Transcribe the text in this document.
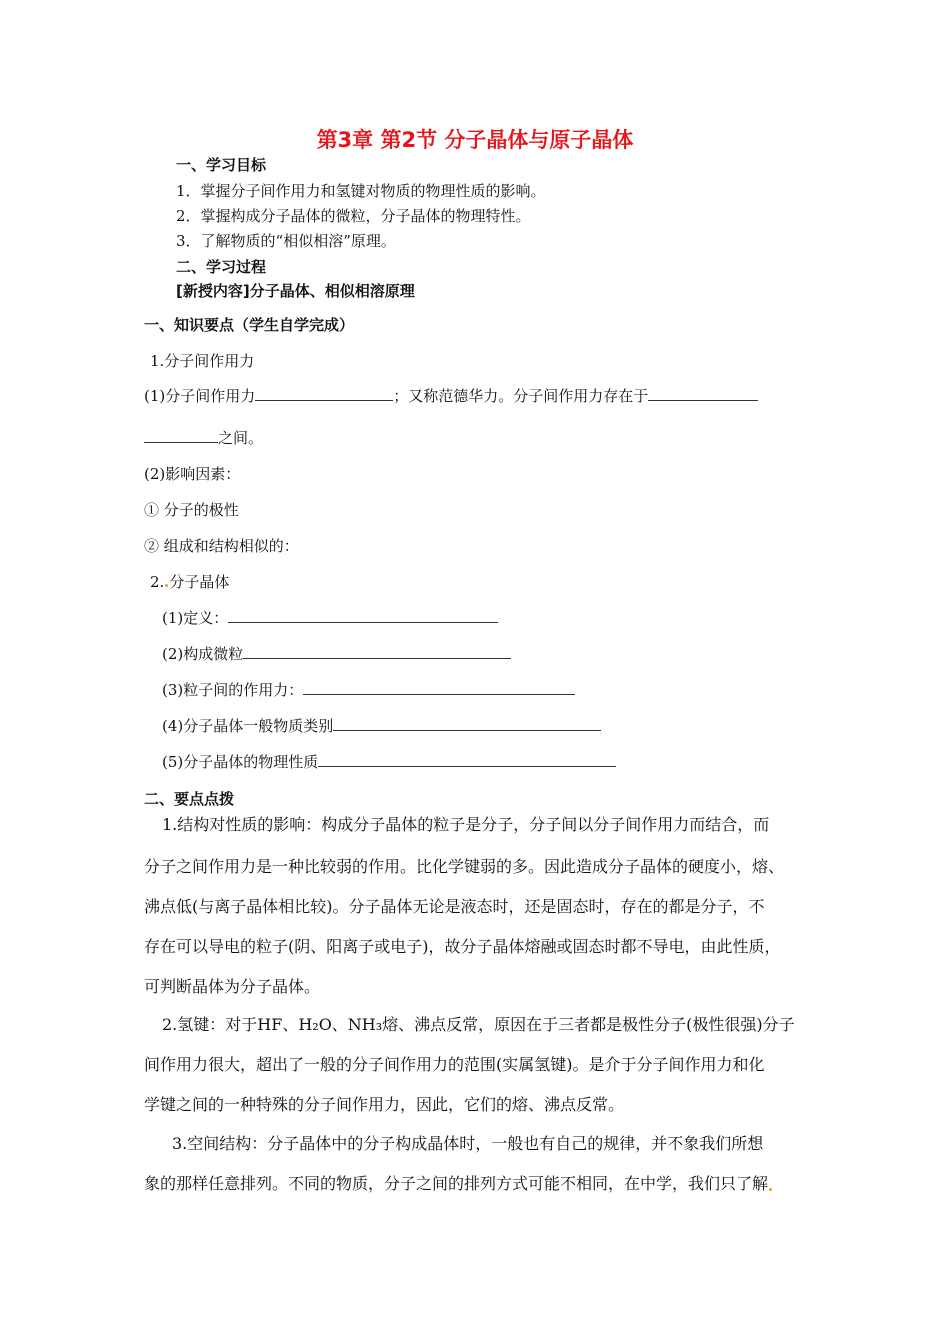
第3章 第2节 分子晶体与原子晶体
一、学习目标
1．掌握分子间作用力和氢键对物质的物理性质的影响。
2．掌握构成分子晶体的微粒，分子晶体的物理特性。
3．了解物质的“相似相溶”原理。
二、学习过程
[新授内容]分子晶体、相似相溶原理
一、知识要点（学生自学完成）
1.分子间作用力
(1)分子间作用力	；又称范德华力。分子间作用力存在于
之间。
(2)影响因素：
① 分子的极性
② 组成和结构相似的：
2. 分子晶体
(1)定义：
(2)构成微粒
(3)粒子间的作用力：
(4)分子晶体一般物质类别
(5)分子晶体的物理性质
二、要点点拨
1.结构对性质的影响：构成分子晶体的粒子是分子，分子间以分子间作用力而结合，而
分子之间作用力是一种比较弱的作用。比化学键弱的多。因此造成分子晶体的硬度小，熔、
沸点低(与离子晶体相比较)。分子晶体无论是液态时，还是固态时，存在的都是分子，不
存在可以导电的粒子(阴、阳离子或电子)，故分子晶体熔融或固态时都不导电，由此性质，
可判断晶体为分子晶体。
2.氢键：对于HF、H₂O、NH₃熔、沸点反常，原因在于三者都是极性分子(极性很强)分子
间作用力很大，超出了一般的分子间作用力的范围(实属氢键)。是介于分子间作用力和化
学键之间的一种特殊的分子间作用力，因此，它们的熔、沸点反常。
3.空间结构：分子晶体中的分子构成晶体时，一般也有自己的规律，并不象我们所想
象的那样任意排列。不同的物质，分子之间的排列方式可能不相同，在中学，我们只了解
